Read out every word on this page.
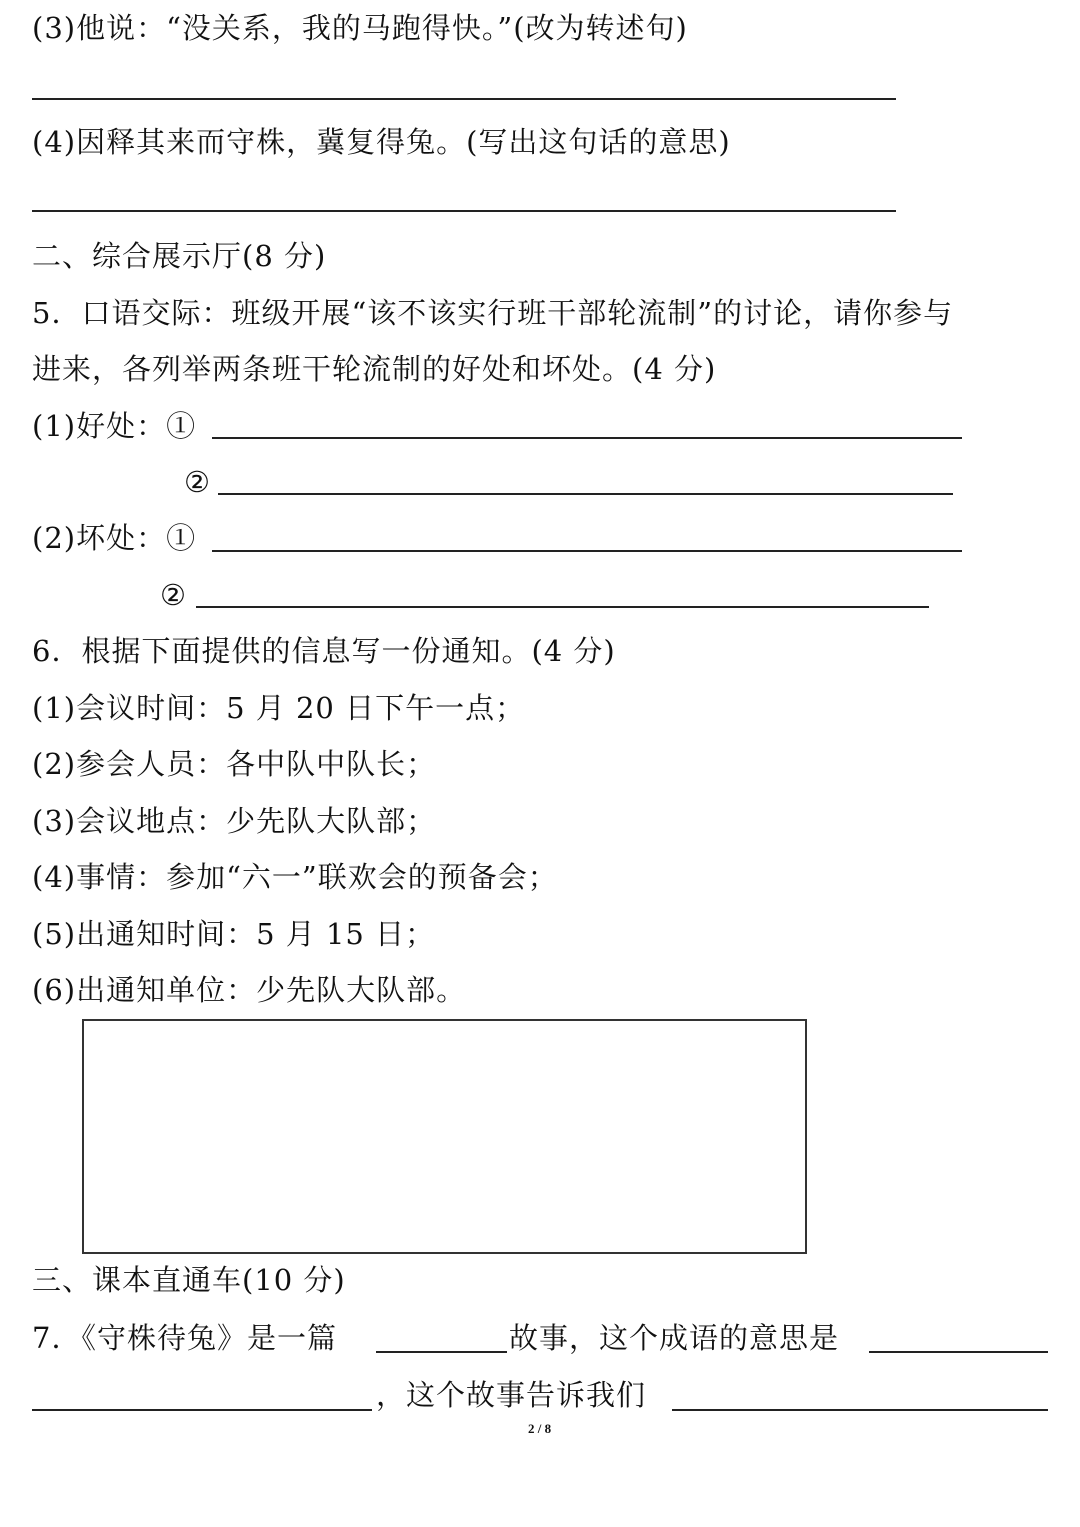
(3)他说：“没关系，我的马跑得快。”(改为转述句)
(4)因释其来而守株，冀复得兔。(写出这句话的意思)
二、综合展示厅(8 分)
5．口语交际：班级开展“该不该实行班干部轮流制”的讨论，请你参与
进来，各列举两条班干轮流制的好处和坏处。(4 分)
(1)好处：①
②
(2)坏处：①
②
6．根据下面提供的信息写一份通知。(4 分)
(1)会议时间：5 月 20 日下午一点；
(2)参会人员：各中队中队长；
(3)会议地点：少先队大队部；
(4)事情：参加“六一”联欢会的预备会；
(5)出通知时间：5 月 15 日；
(6)出通知单位：少先队大队部。
三、课本直通车(10 分)
7．《守株待兔》是一篇	故事，这个成语的意思是
，这个故事告诉我们
2 / 8
